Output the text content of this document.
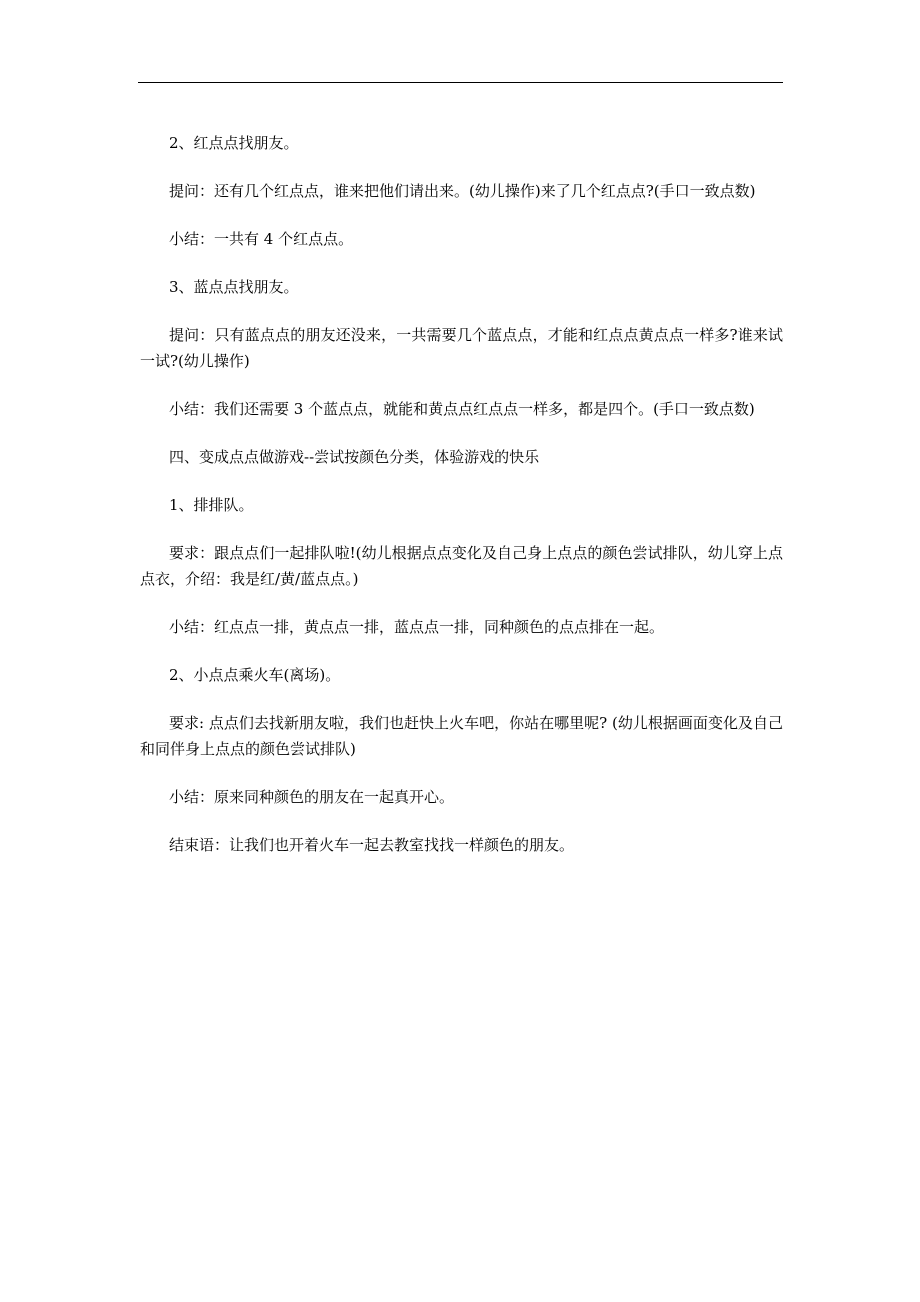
2、红点点找朋友。

提问：还有几个红点点，谁来把他们请出来。(幼儿操作)来了几个红点点?(手口一致点数)

小结：一共有 4 个红点点。

3、蓝点点找朋友。

提问：只有蓝点点的朋友还没来，一共需要几个蓝点点，才能和红点点黄点点一样多?谁来试一试?(幼儿操作)

小结：我们还需要 3 个蓝点点，就能和黄点点红点点一样多，都是四个。(手口一致点数)

四、变成点点做游戏--尝试按颜色分类，体验游戏的快乐

1、排排队。

要求：跟点点们一起排队啦!(幼儿根据点点变化及自己身上点点的颜色尝试排队，幼儿穿上点点衣，介绍：我是红/黄/蓝点点。)

小结：红点点一排，黄点点一排，蓝点点一排，同种颜色的点点排在一起。

2、小点点乘火车(离场)。

要求: 点点们去找新朋友啦，我们也赶快上火车吧，你站在哪里呢? (幼儿根据画面变化及自己和同伴身上点点的颜色尝试排队)

小结：原来同种颜色的朋友在一起真开心。

结束语：让我们也开着火车一起去教室找找一样颜色的朋友。
